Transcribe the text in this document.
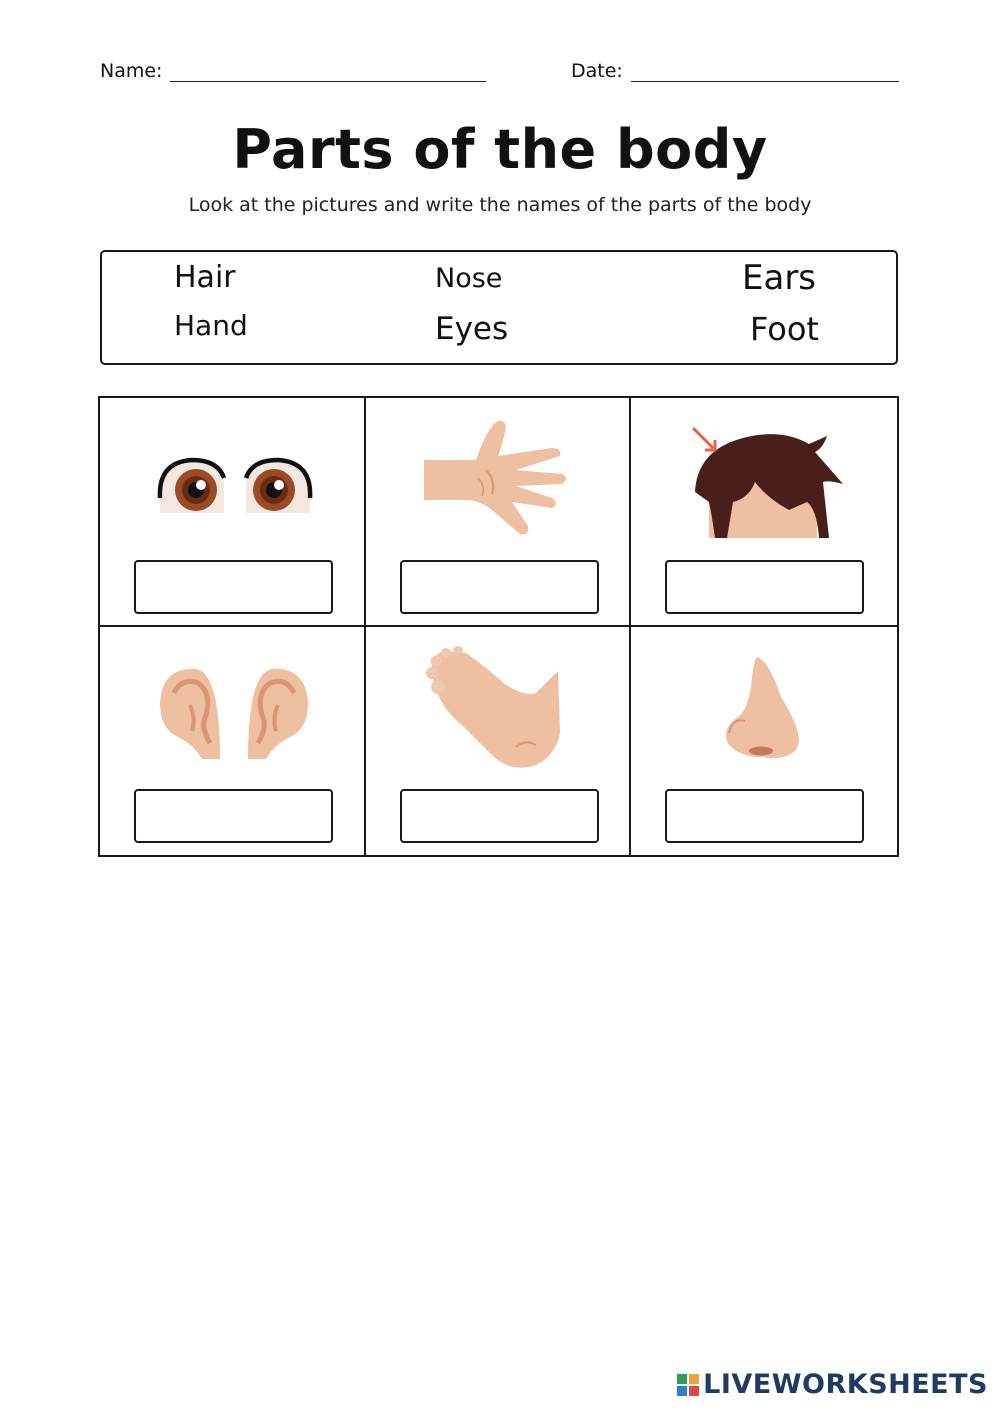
Name:	Date:
Parts of the body
Look at the pictures and write the names of the parts of the body
Hair	Nose	Ears
Hand	Eyes	Foot
LIVEWORKSHEETS
